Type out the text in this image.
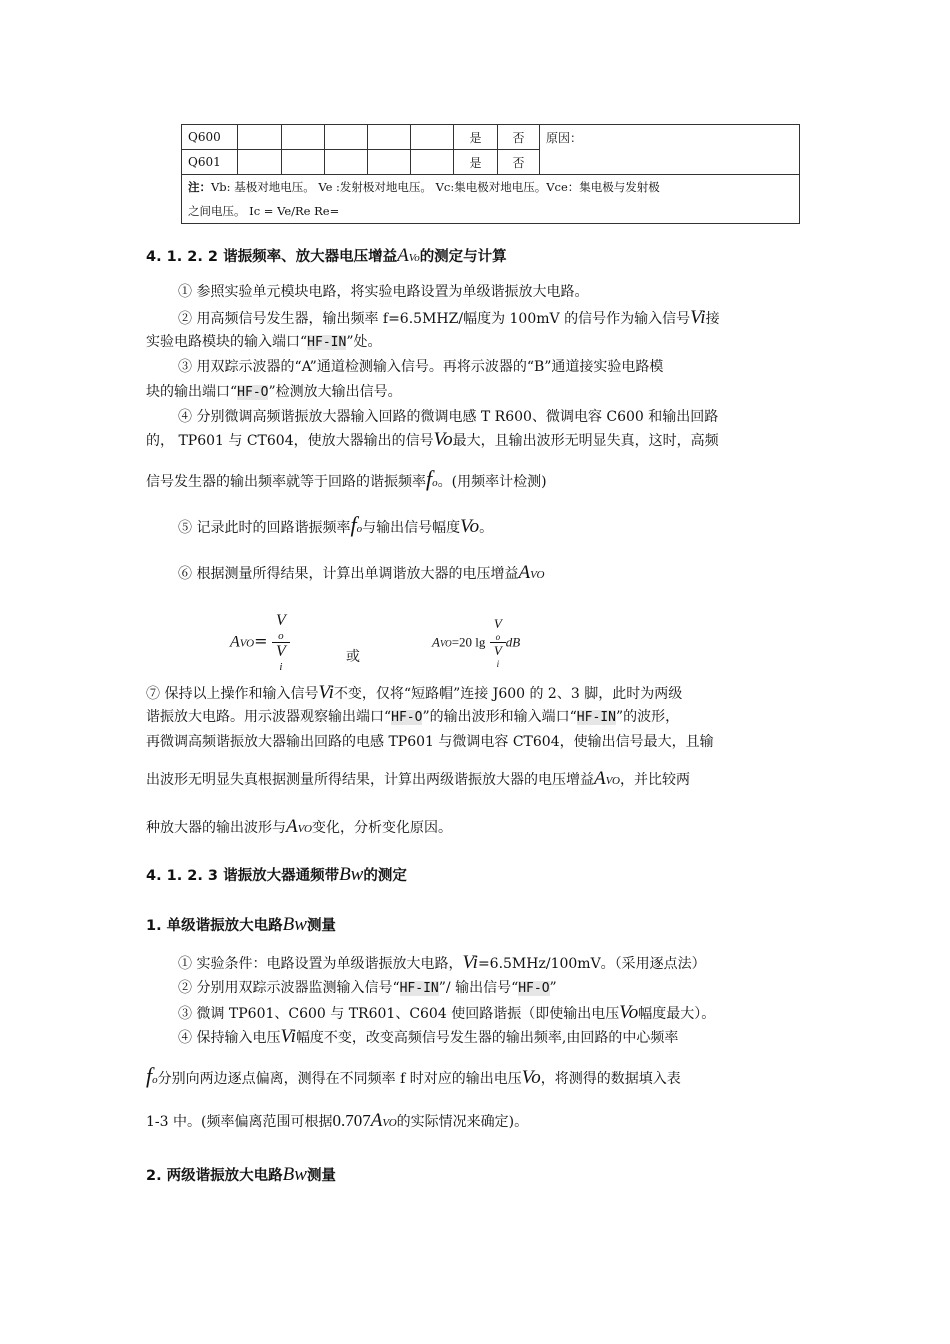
Q600						是	否	原因：
Q601						是	否	
注：Vb: 基极对地电压。 Ve :发射极对地电压。 Vc:集电极对地电压。Vce：集电极与发射极
之间电压。 Ic = Ve/Re Re=								
4. 1. 2. 2 谐振频率、放大器电压增益AVo的测定与计算
① 参照实验单元模块电路，将实验电路设置为单级谐振放大电路。
② 用高频信号发生器，输出频率 f=6.5MHZ/幅度为 100mV 的信号作为输入信号Vi接
实验电路模块的输入端口“HF-IN”处。
③ 用双踪示波器的“A”通道检测输入信号。再将示波器的“B”通道接实验电路模
块的输出端口“HF-O”检测放大输出信号。
④ 分别微调高频谐振放大器输入回路的微调电感 T R600、微调电容 C600 和输出回路
的， TP601 与 CT604，使放大器输出的信号Vo最大，且输出波形无明显失真，这时，高频
信号发生器的输出频率就等于回路的谐振频率fo。(用频率计检测)
⑤ 记录此时的回路谐振频率fo与输出信号幅度Vo。
⑥ 根据测量所得结果，计算出单调谐放大器的电压增益AVO
AVO= V
o
V
i	或
AVO=20 lg V
o
V
i dB
⑦ 保持以上操作和输入信号Vi不变，仅将“短路帽”连接 J600 的 2、3 脚，此时为两级
谐振放大电路。用示波器观察输出端口“HF-O”的输出波形和输入端口“HF-IN”的波形，
再微调高频谐振放大器输出回路的电感 TP601 与微调电容 CT604，使输出信号最大，且输
出波形无明显失真根据测量所得结果，计算出两级谐振放大器的电压增益AVO，并比较两
种放大器的输出波形与AVO变化，分析变化原因。
4. 1. 2. 3 谐振放大器通频带Bw的测定
1. 单级谐振放大电路Bw测量
① 实验条件：电路设置为单级谐振放大电路，Vi=6.5MHz/100mV。（采用逐点法）
② 分别用双踪示波器监测输入信号“HF-IN”/ 输出信号“HF-O”
③ 微调 TP601、C600 与 TR601、C604 使回路谐振（即使输出电压Vo幅度最大）。
④ 保持输入电压Vi幅度不变，改变高频信号发生器的输出频率,由回路的中心频率
fo分别向两边逐点偏离，测得在不同频率 f 时对应的输出电压Vo，将测得的数据填入表
1-3 中。(频率偏离范围可根据0.707AVO的实际情况来确定)。
2. 两级谐振放大电路Bw测量
